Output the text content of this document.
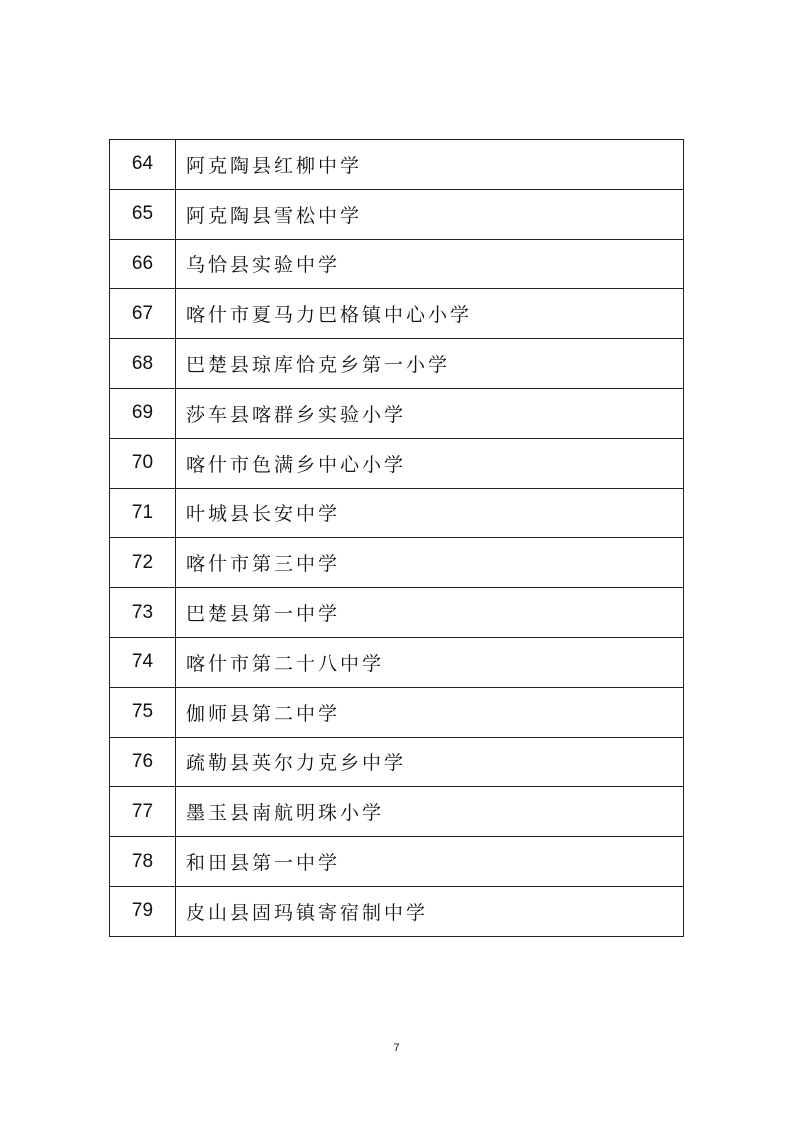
64	阿克陶县红柳中学
65	阿克陶县雪松中学
66	乌恰县实验中学
67	喀什市夏马力巴格镇中心小学
68	巴楚县琼库恰克乡第一小学
69	莎车县喀群乡实验小学
70	喀什市色满乡中心小学
71	叶城县长安中学
72	喀什市第三中学
73	巴楚县第一中学
74	喀什市第二十八中学
75	伽师县第二中学
76	疏勒县英尔力克乡中学
77	墨玉县南航明珠小学
78	和田县第一中学
79	皮山县固玛镇寄宿制中学
7
